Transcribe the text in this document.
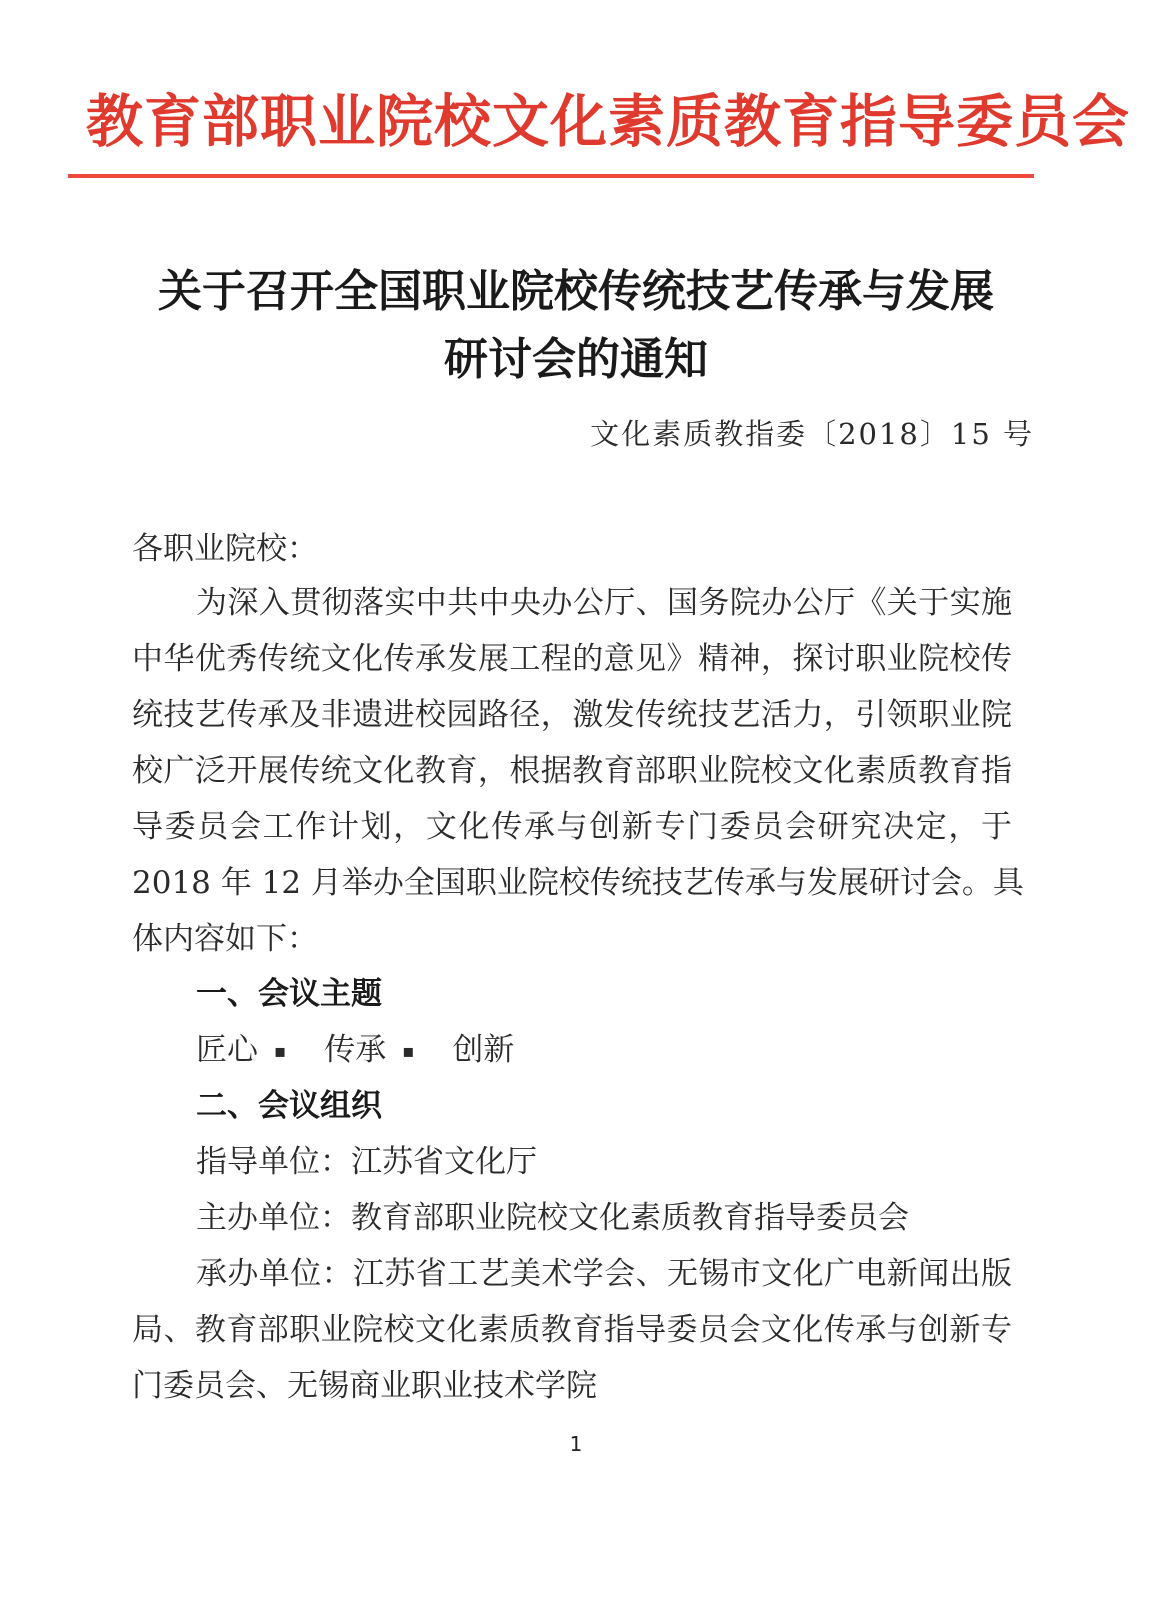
教育部职业院校文化素质教育指导委员会
关于召开全国职业院校传统技艺传承与发展
研讨会的通知
文化素质教指委〔2018〕15 号
各职业院校：
为深入贯彻落实中共中央办公厅、国务院办公厅《关于实施
中华优秀传统文化传承发展工程的意见》精神，探讨职业院校传
统技艺传承及非遗进校园路径，激发传统技艺活力，引领职业院
校广泛开展传统文化教育，根据教育部职业院校文化素质教育指
导委员会工作计划，文化传承与创新专门委员会研究决定，于
2018 年 12 月举办全国职业院校传统技艺传承与发展研讨会。具
体内容如下：
一、会议主题
匠心 ▪ 传承 ▪ 创新
二、会议组织
指导单位：江苏省文化厅
主办单位：教育部职业院校文化素质教育指导委员会
承办单位：江苏省工艺美术学会、无锡市文化广电新闻出版
局、教育部职业院校文化素质教育指导委员会文化传承与创新专
门委员会、无锡商业职业技术学院
1
